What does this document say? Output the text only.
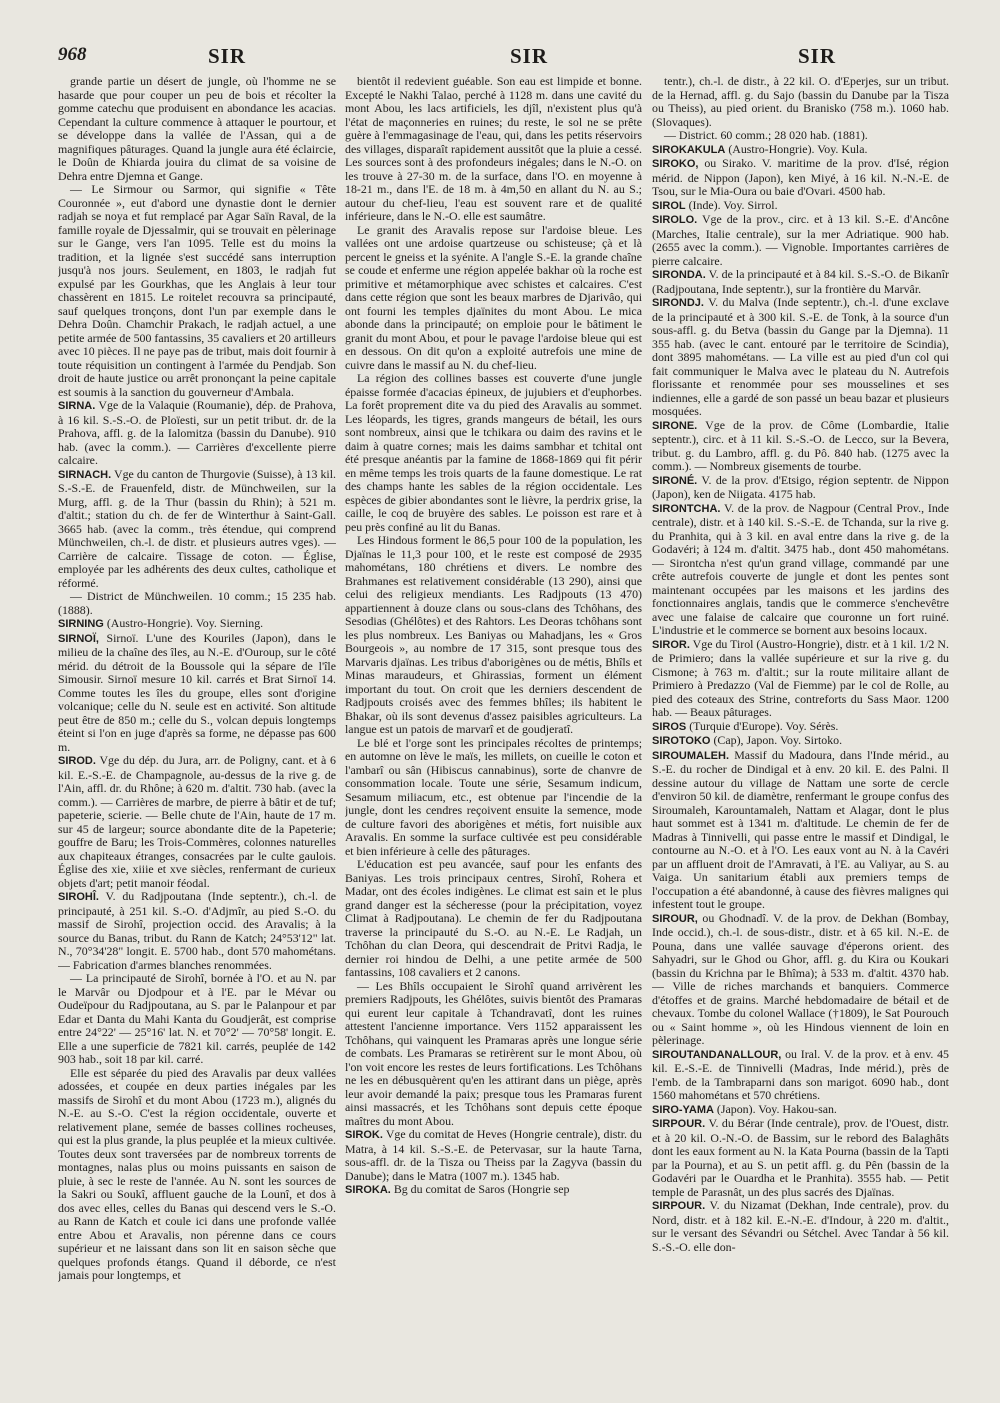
968	SIR	SIR	SIR

grande partie un désert de jungle, où l'homme ne se hasarde que pour couper un peu de bois et récolter la gomme catechu que produisent en abondance les acacias. Cependant la culture commence à attaquer le pourtour, et se développe dans la vallée de l'Assan, qui a de magnifiques pâturages. Quand la jungle aura été éclaircie, le Doûn de Khiarda jouira du climat de sa voisine de Dehra entre Djemna et Gange.

— Le Sirmour ou Sarmor, qui signifie « Tête Couronnée », eut d'abord une dynastie dont le dernier radjah se noya et fut remplacé par Agar Saïn Raval, de la famille royale de Djessalmir, qui se trouvait en pèlerinage sur le Gange, vers l'an 1095. Telle est du moins la tradition, et la lignée s'est succédé sans interruption jusqu'à nos jours. Seulement, en 1803, le radjah fut expulsé par les Gourkhas, que les Anglais à leur tour chassèrent en 1815. Le roitelet recouvra sa principauté, sauf quelques tronçons, dont l'un par exemple dans le Dehra Doûn. Chamchir Prakach, le radjah actuel, a une petite armée de 500 fantassins, 35 cavaliers et 20 artilleurs avec 10 pièces. Il ne paye pas de tribut, mais doit fournir à toute réquisition un contingent à l'armée du Pendjab. Son droit de haute justice ou arrêt prononçant la peine capitale est soumis à la sanction du gouverneur d'Ambala.

SIRNA. Vge de la Valaquie (Roumanie), dép. de Prahova, à 16 kil. S.-S.-O. de Ploïesti, sur un petit tribut. dr. de la Prahova, affl. g. de la Ialomitza (bassin du Danube). 910 hab. (avec la comm.). — Carrières d'excellente pierre calcaire.

SIRNACH. Vge du canton de Thurgovie (Suisse), à 13 kil. S.-S.-E. de Frauenfeld, distr. de Münchweilen, sur la Murg, affl. g. de la Thur (bassin du Rhin); à 521 m. d'altit.; station du ch. de fer de Winterthur à Saint-Gall. 3665 hab. (avec la comm., très étendue, qui comprend Münchweilen, ch.-l. de distr. et plusieurs autres vges). — Carrière de calcaire. Tissage de coton. — Église, employée par les adhérents des deux cultes, catholique et réformé.

— District de Münchweilen. 10 comm.; 15 235 hab. (1888).

SIRNING (Austro-Hongrie). Voy. Sierning.

SIRNOÏ, Sirnoï. L'une des Kouriles (Japon), dans le milieu de la chaîne des îles, au N.-E. d'Ouroup, sur le côté mérid. du détroit de la Boussole qui la sépare de l'île Simousir. Sirnoï mesure 10 kil. carrés et Brat Sirnoï 14. Comme toutes les îles du groupe, elles sont d'origine volcanique; celle du N. seule est en activité. Son altitude peut être de 850 m.; celle du S., volcan depuis longtemps éteint si l'on en juge d'après sa forme, ne dépasse pas 600 m.

SIROD. Vge du dép. du Jura, arr. de Poligny, cant. et à 6 kil. E.-S.-E. de Champagnole, au-dessus de la rive g. de l'Ain, affl. dr. du Rhône; à 620 m. d'altit. 730 hab. (avec la comm.). — Carrières de marbre, de pierre à bâtir et de tuf; papeterie, scierie. — Belle chute de l'Ain, haute de 17 m. sur 45 de largeur; source abondante dite de la Papeterie; gouffre de Baru; les Trois-Commères, colonnes naturelles aux chapiteaux étranges, consacrées par le culte gaulois. Église des xie, xiiie et xve siècles, renfermant de curieux objets d'art; petit manoir féodal.

SIROHÎ. V. du Radjpoutana (Inde septentr.), ch.-l. de principauté, à 251 kil. S.-O. d'Adjmîr, au pied S.-O. du massif de Sirohî, projection occid. des Aravalis; à la source du Banas, tribut. du Rann de Katch; 24°53'12" lat. N., 70°34'28" longit. E. 5700 hab., dont 570 mahométans. — Fabrication d'armes blanches renommées.

— La principauté de Sirohî, bornée à l'O. et au N. par le Marvâr ou Djodpour et à l'E. par le Mévar ou Oudeïpour du Radjpoutana, au S. par le Palanpour et par Edar et Danta du Mahi Kanta du Goudjerât, est comprise entre 24°22' — 25°16' lat. N. et 70°2' — 70°58' longit. E. Elle a une superficie de 7821 kil. carrés, peuplée de 142 903 hab., soit 18 par kil. carré.

Elle est séparée du pied des Aravalis par deux vallées adossées, et coupée en deux parties inégales par les massifs de Sirohî et du mont Abou (1723 m.), alignés du N.-E. au S.-O. C'est la région occidentale, ouverte et relativement plane, semée de basses collines rocheuses, qui est la plus grande, la plus peuplée et la mieux cultivée. Toutes deux sont traversées par de nombreux torrents de montagnes, nalas plus ou moins puissants en saison de pluie, à sec le reste de l'année. Au N. sont les sources de la Sakri ou Soukî, affluent gauche de la Lounî, et dos à dos avec elles, celles du Banas qui descend vers le S.-O. au Rann de Katch et coule ici dans une profonde vallée entre Abou et Aravalis, non pérenne dans ce cours supérieur et ne laissant dans son lit en saison sèche que quelques profonds étangs. Quand il déborde, ce n'est jamais pour longtemps, et

bientôt il redevient guéable. Son eau est limpide et bonne. Excepté le Nakhi Talao, perché à 1128 m. dans une cavité du mont Abou, les lacs artificiels, les djîl, n'existent plus qu'à l'état de maçonneries en ruines; du reste, le sol ne se prête guère à l'emmagasinage de l'eau, qui, dans les petits réservoirs des villages, disparaît rapidement aussitôt que la pluie a cessé. Les sources sont à des profondeurs inégales; dans le N.-O. on les trouve à 27-30 m. de la surface, dans l'O. en moyenne à 18-21 m., dans l'E. de 18 m. à 4m,50 en allant du N. au S.; autour du chef-lieu, l'eau est souvent rare et de qualité inférieure, dans le N.-O. elle est saumâtre.

Le granit des Aravalis repose sur l'ardoise bleue. Les vallées ont une ardoise quartzeuse ou schisteuse; çà et là percent le gneiss et la syénite. A l'angle S.-E. la grande chaîne se coude et enferme une région appelée bakhar où la roche est primitive et métamorphique avec schistes et calcaires. C'est dans cette région que sont les beaux marbres de Djarivâo, qui ont fourni les temples djaïnites du mont Abou. Le mica abonde dans la principauté; on emploie pour le bâtiment le granit du mont Abou, et pour le pavage l'ardoise bleue qui est en dessous. On dit qu'on a exploité autrefois une mine de cuivre dans le massif au N. du chef-lieu.

La région des collines basses est couverte d'une jungle épaisse formée d'acacias épineux, de jujubiers et d'euphorbes. La forêt proprement dite va du pied des Aravalis au sommet. Les léopards, les tigres, grands mangeurs de bétail, les ours sont nombreux, ainsi que le tchikara ou daim des ravins et le daim à quatre cornes; mais les daims sambhar et tchital ont été presque anéantis par la famine de 1868-1869 qui fit périr en même temps les trois quarts de la faune domestique. Le rat des champs hante les sables de la région occidentale. Les espèces de gibier abondantes sont le lièvre, la perdrix grise, la caille, le coq de bruyère des sables. Le poisson est rare et à peu près confiné au lit du Banas.

Les Hindous forment le 86,5 pour 100 de la population, les Djaïnas le 11,3 pour 100, et le reste est composé de 2935 mahométans, 180 chrétiens et divers. Le nombre des Brahmanes est relativement considérable (13 290), ainsi que celui des religieux mendiants. Les Radjpouts (13 470) appartiennent à douze clans ou sous-clans des Tchôhans, des Sesodias (Ghélôtes) et des Rahtors. Les Deoras tchôhans sont les plus nombreux. Les Baniyas ou Mahadjans, les « Gros Bourgeois », au nombre de 17 315, sont presque tous des Marvaris djaïnas. Les tribus d'aborigènes ou de métis, Bhîls et Minas maraudeurs, et Ghirassias, forment un élément important du tout. On croit que les derniers descendent de Radjpouts croisés avec des femmes bhîles; ils habitent le Bhakar, où ils sont devenus d'assez paisibles agriculteurs. La langue est un patois de marvarî et de goudjeratî.

Le blé et l'orge sont les principales récoltes de printemps; en automne on lève le maïs, les millets, on cueille le coton et l'ambarî ou sân (Hibiscus cannabinus), sorte de chanvre de consommation locale. Toute une série, Sesamum indicum, Sesamum miliacum, etc., est obtenue par l'incendie de la jungle, dont les cendres reçoivent ensuite la semence, mode de culture favori des aborigènes et métis, fort nuisible aux Aravalis. En somme la surface cultivée est peu considérable et bien inférieure à celle des pâturages.

L'éducation est peu avancée, sauf pour les enfants des Baniyas. Les trois principaux centres, Sirohî, Rohera et Madar, ont des écoles indigènes. Le climat est sain et le plus grand danger est la sécheresse (pour la précipitation, voyez Climat à Radjpoutana). Le chemin de fer du Radjpoutana traverse la principauté du S.-O. au N.-E. Le Radjah, un Tchôhan du clan Deora, qui descendrait de Pritvi Radja, le dernier roi hindou de Delhi, a une petite armée de 500 fantassins, 108 cavaliers et 2 canons.

— Les Bhîls occupaient le Sirohî quand arrivèrent les premiers Radjpouts, les Ghélôtes, suivis bientôt des Pramaras qui eurent leur capitale à Tchandravatî, dont les ruines attestent l'ancienne importance. Vers 1152 apparaissent les Tchôhans, qui vainquent les Pramaras après une longue série de combats. Les Pramaras se retirèrent sur le mont Abou, où l'on voit encore les restes de leurs fortifications. Les Tchôhans ne les en débusquèrent qu'en les attirant dans un piège, après leur avoir demandé la paix; presque tous les Pramaras furent ainsi massacrés, et les Tchôhans sont depuis cette époque maîtres du mont Abou.

SIROK. Vge du comitat de Heves (Hongrie centrale), distr. du Matra, à 14 kil. S.-S.-E. de Petervasar, sur la haute Tarna, sous-affl. dr. de la Tisza ou Theiss par la Zagyva (bassin du Danube); dans le Matra (1007 m.). 1345 hab.

SIROKA. Bg du comitat de Saros (Hongrie sep

tentr.), ch.-l. de distr., à 22 kil. O. d'Eperjes, sur un tribut. de la Hernad, affl. g. du Sajo (bassin du Danube par la Tisza ou Theiss), au pied orient. du Branisko (758 m.). 1060 hab. (Slovaques).

— District. 60 comm.; 28 020 hab. (1881).

SIROKAKULA (Austro-Hongrie). Voy. Kula.

SIROKO, ou Sirako. V. maritime de la prov. d'Isé, région mérid. de Nippon (Japon), ken Miyé, à 16 kil. N.-N.-E. de Tsou, sur le Mia-Oura ou baie d'Ovari. 4500 hab.

SIROL (Inde). Voy. Sirrol.

SIROLO. Vge de la prov., circ. et à 13 kil. S.-E. d'Ancône (Marches, Italie centrale), sur la mer Adriatique. 900 hab. (2655 avec la comm.). — Vignoble. Importantes carrières de pierre calcaire.

SIRONDA. V. de la principauté et à 84 kil. S.-S.-O. de Bikanîr (Radjpoutana, Inde septentr.), sur la frontière du Marvâr.

SIRONDJ. V. du Malva (Inde septentr.), ch.-l. d'une exclave de la principauté et à 300 kil. S.-E. de Tonk, à la source d'un sous-affl. g. du Betva (bassin du Gange par la Djemna). 11 355 hab. (avec le cant. entouré par le territoire de Scindia), dont 3895 mahométans. — La ville est au pied d'un col qui fait communiquer le Malva avec le plateau du N. Autrefois florissante et renommée pour ses mousselines et ses indiennes, elle a gardé de son passé un beau bazar et plusieurs mosquées.

SIRONE. Vge de la prov. de Côme (Lombardie, Italie septentr.), circ. et à 11 kil. S.-S.-O. de Lecco, sur la Bevera, tribut. g. du Lambro, affl. g. du Pô. 840 hab. (1275 avec la comm.). — Nombreux gisements de tourbe.

SIRONÉ. V. de la prov. d'Etsigo, région septentr. de Nippon (Japon), ken de Niigata. 4175 hab.

SIRONTCHA. V. de la prov. de Nagpour (Central Prov., Inde centrale), distr. et à 140 kil. S.-S.-E. de Tchanda, sur la rive g. du Pranhita, qui à 3 kil. en aval entre dans la rive g. de la Godavéri; à 124 m. d'altit. 3475 hab., dont 450 mahométans. — Sirontcha n'est qu'un grand village, commandé par une crête autrefois couverte de jungle et dont les pentes sont maintenant occupées par les maisons et les jardins des fonctionnaires anglais, tandis que le commerce s'enchevêtre avec une falaise de calcaire que couronne un fort ruiné. L'industrie et le commerce se bornent aux besoins locaux.

SIROR. Vge du Tirol (Austro-Hongrie), distr. et à 1 kil. 1/2 N. de Primiero; dans la vallée supérieure et sur la rive g. du Cismone; à 763 m. d'altit.; sur la route militaire allant de Primiero à Predazzo (Val de Fiemme) par le col de Rolle, au pied des coteaux des Strine, contreforts du Sass Maor. 1200 hab. — Beaux pâturages.

SIROS (Turquie d'Europe). Voy. Sérès.

SIROTOKO (Cap), Japon. Voy. Sirtoko.

SIROUMALEH. Massif du Madoura, dans l'Inde mérid., au S.-E. du rocher de Dindigal et à env. 20 kil. E. des Palni. Il dessine autour du village de Nattam une sorte de cercle d'environ 50 kil. de diamètre, renfermant le groupe confus des Siroumaleh, Karountamaleh, Nattam et Alagar, dont le plus haut sommet est à 1341 m. d'altitude. Le chemin de fer de Madras à Tinnivelli, qui passe entre le massif et Dindigal, le contourne au N.-O. et à l'O. Les eaux vont au N. à la Cavéri par un affluent droit de l'Amravati, à l'E. au Valiyar, au S. au Vaiga. Un sanitarium établi aux premiers temps de l'occupation a été abandonné, à cause des fièvres malignes qui infestent tout le groupe.

SIROUR, ou Ghodnadî. V. de la prov. de Dekhan (Bombay, Inde occid.), ch.-l. de sous-distr., distr. et à 65 kil. N.-E. de Pouna, dans une vallée sauvage d'éperons orient. des Sahyadri, sur le Ghod ou Ghor, affl. g. du Kira ou Koukari (bassin du Krichna par le Bhîma); à 533 m. d'altit. 4370 hab. — Ville de riches marchands et banquiers. Commerce d'étoffes et de grains. Marché hebdomadaire de bétail et de chevaux. Tombe du colonel Wallace (†1809), le Sat Pourouch ou « Saint homme », où les Hindous viennent de loin en pèlerinage.

SIROUTANDANALLOUR, ou Iral. V. de la prov. et à env. 45 kil. E.-S.-E. de Tinnivelli (Madras, Inde mérid.), près de l'emb. de la Tambraparni dans son marigot. 6090 hab., dont 1560 mahométans et 570 chrétiens.

SIRO-YAMA (Japon). Voy. Hakou-san.

SIRPOUR. V. du Bérar (Inde centrale), prov. de l'Ouest, distr. et à 20 kil. O.-N.-O. de Bassim, sur le rebord des Balaghâts dont les eaux forment au N. la Kata Pourna (bassin de la Tapti par la Pourna), et au S. un petit affl. g. du Pên (bassin de la Godavéri par le Ouardha et le Pranhita). 3555 hab. — Petit temple de Parasnât, un des plus sacrés des Djaïnas.

SIRPOUR. V. du Nizamat (Dekhan, Inde centrale), prov. du Nord, distr. et à 182 kil. E.-N.-E. d'Indour, à 220 m. d'altit., sur le versant des Sévandri ou Sétchel. Avec Tandar à 56 kil. S.-S.-O. elle don-
